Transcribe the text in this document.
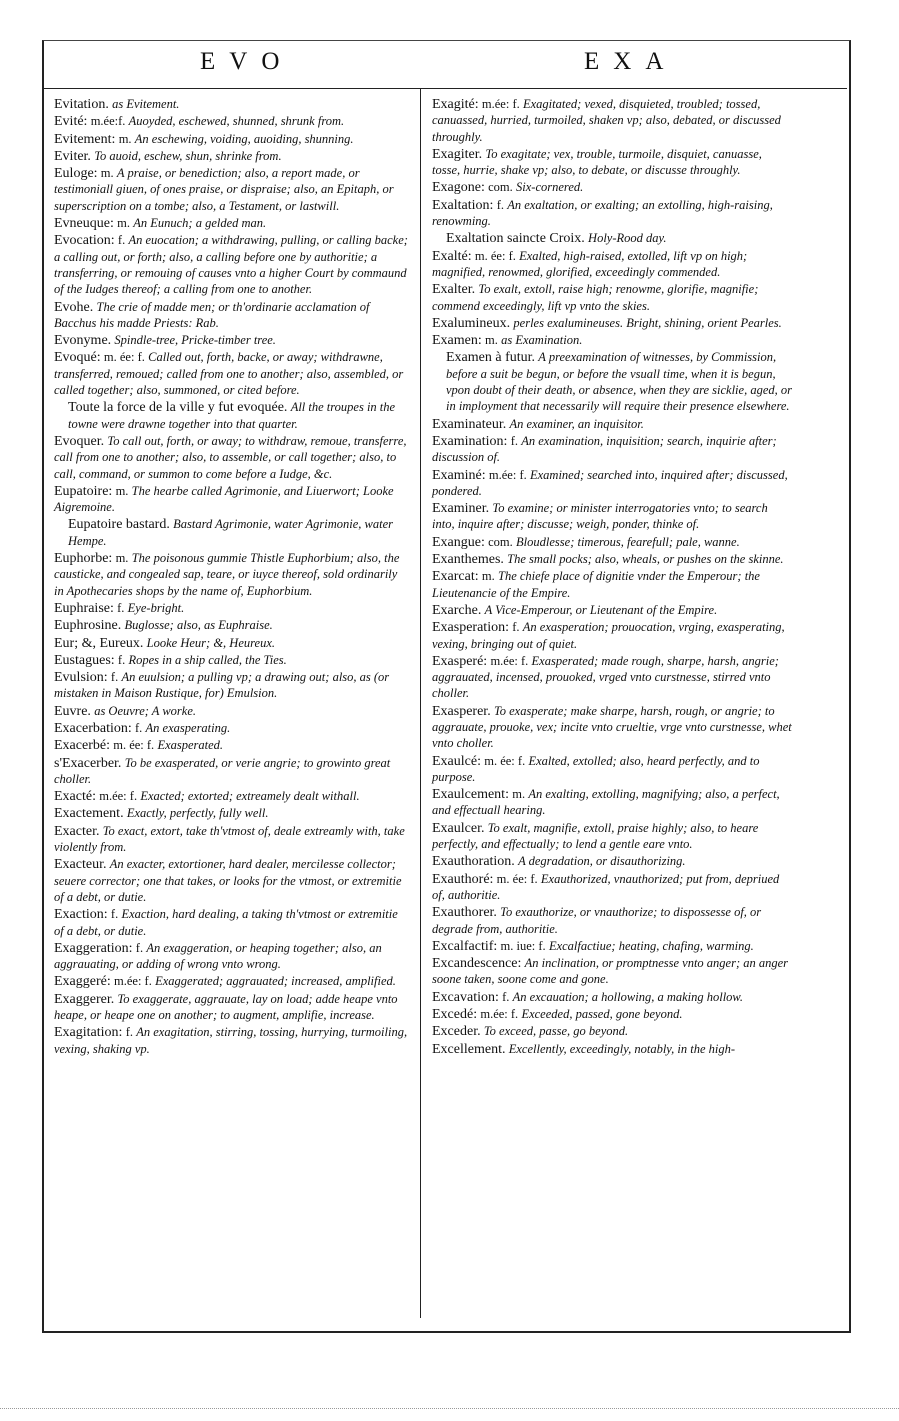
EVO	EXA

Evitation. as Evitement.

Evité: m.ée:f. Auoyded, eschewed, shunned, shrunk from.

Evitement: m. An eschewing, voiding, auoiding, shunning.

Eviter. To auoid, eschew, shun, shrinke from.

Euloge: m. A praise, or benediction; also, a report made, or testimoniall giuen, of ones praise, or dispraise; also, an Epitaph, or superscription on a tombe; also, a Testament, or lastwill.

Evneuque: m. An Eunuch; a gelded man.

Evocation: f. An euocation; a withdrawing, pulling, or calling backe; a calling out, or forth; also, a calling before one by authoritie; a transferring, or remouing of causes vnto a higher Court by commaund of the Iudges thereof; a calling from one to another.

Evohe. The crie of madde men; or th'ordinarie acclamation of Bacchus his madde Priests: Rab.

Evonyme. Spindle-tree, Pricke-timber tree.

Evoqué: m. ée: f. Called out, forth, backe, or away; withdrawne, transferred, remoued; called from one to another; also, assembled, or called together; also, summoned, or cited before.

Toute la force de la ville y fut evoquée. All the troupes in the towne were drawne together into that quarter.

Evoquer. To call out, forth, or away; to withdraw, remoue, transferre, call from one to another; also, to assemble, or call together; also, to call, command, or summon to come before a Iudge, &c.

Eupatoire: m. The hearbe called Agrimonie, and Liuerwort; Looke Aigremoine.

Eupatoire bastard. Bastard Agrimonie, water Agrimonie, water Hempe.

Euphorbe: m. The poisonous gummie Thistle Euphorbium; also, the causticke, and congealed sap, teare, or iuyce thereof, sold ordinarily in Apothecaries shops by the name of, Euphorbium.

Euphraise: f. Eye-bright.

Euphrosine. Buglosse; also, as Euphraise.

Eur; &, Eureux. Looke Heur; &, Heureux.

Eustagues: f. Ropes in a ship called, the Ties.

Evulsion: f. An euulsion; a pulling vp; a drawing out; also, as (or mistaken in Maison Rustique, for) Emulsion.

Euvre. as Oeuvre; A worke.

Exacerbation: f. An exasperating.

Exacerbé: m. ée: f. Exasperated.

s'Exacerber. To be exasperated, or verie angrie; to growinto great choller.

Exacté: m.ée: f. Exacted; extorted; extreamely dealt withall.

Exactement. Exactly, perfectly, fully well.

Exacter. To exact, extort, take th'vtmost of, deale extreamly with, take violently from.

Exacteur. An exacter, extortioner, hard dealer, mercilesse collector; seuere corrector; one that takes, or looks for the vtmost, or extremitie of a debt, or dutie.

Exaction: f. Exaction, hard dealing, a taking th'vtmost or extremitie of a debt, or dutie.

Exaggeration: f. An exaggeration, or heaping together; also, an aggrauating, or adding of wrong vnto wrong.

Exaggeré: m.ée: f. Exaggerated; aggrauated; increased, amplified.

Exaggerer. To exaggerate, aggrauate, lay on load; adde heape vnto heape, or heape one on another; to augment, amplifie, increase.

Exagitation: f. An exagitation, stirring, tossing, hurrying, turmoiling, vexing, shaking vp.

Exagité: m.ée: f. Exagitated; vexed, disquieted, troubled; tossed, canuassed, hurried, turmoiled, shaken vp; also, debated, or discussed throughly.

Exagiter. To exagitate; vex, trouble, turmoile, disquiet, canuasse, tosse, hurrie, shake vp; also, to debate, or discusse throughly.

Exagone: com. Six-cornered.

Exaltation: f. An exaltation, or exalting; an extolling, high-raising, renowming.

Exaltation saincte Croix. Holy-Rood day.

Exalté: m. ée: f. Exalted, high-raised, extolled, lift vp on high; magnified, renowmed, glorified, exceedingly commended.

Exalter. To exalt, extoll, raise high; renowme, glorifie, magnifie; commend exceedingly, lift vp vnto the skies.

Exalumineux. perles exalumineuses. Bright, shining, orient Pearles.

Examen: m. as Examination.

Examen à futur. A preexamination of witnesses, by Commission, before a suit be begun, or before the vsuall time, when it is begun, vpon doubt of their death, or absence, when they are sicklie, aged, or in imployment that necessarily will require their presence elsewhere.

Examinateur. An examiner, an inquisitor.

Examination: f. An examination, inquisition; search, inquirie after; discussion of.

Examiné: m.ée: f. Examined; searched into, inquired after; discussed, pondered.

Examiner. To examine; or minister interrogatories vnto; to search into, inquire after; discusse; weigh, ponder, thinke of.

Exangue: com. Bloudlesse; timerous, fearefull; pale, wanne.

Exanthemes. The small pocks; also, wheals, or pushes on the skinne.

Exarcat: m. The chiefe place of dignitie vnder the Emperour; the Lieutenancie of the Empire.

Exarche. A Vice-Emperour, or Lieutenant of the Empire.

Exasperation: f. An exasperation; prouocation, vrging, exasperating, vexing, bringing out of quiet.

Exasperé: m.ée: f. Exasperated; made rough, sharpe, harsh, angrie; aggrauated, incensed, prouoked, vrged vnto curstnesse, stirred vnto choller.

Exasperer. To exasperate; make sharpe, harsh, rough, or angrie; to aggrauate, prouoke, vex; incite vnto crueltie, vrge vnto curstnesse, whet vnto choller.

Exaulcé: m. ée: f. Exalted, extolled; also, heard perfectly, and to purpose.

Exaulcement: m. An exalting, extolling, magnifying; also, a perfect, and effectuall hearing.

Exaulcer. To exalt, magnifie, extoll, praise highly; also, to heare perfectly, and effectually; to lend a gentle eare vnto.

Exauthoration. A degradation, or disauthorizing.

Exauthoré: m. ée: f. Exauthorized, vnauthorized; put from, depriued of, authoritie.

Exauthorer. To exauthorize, or vnauthorize; to dispossesse of, or degrade from, authoritie.

Excalfactif: m. iue: f. Excalfactiue; heating, chafing, warming.

Excandescence: An inclination, or promptnesse vnto anger; an anger soone taken, soone come and gone.

Excavation: f. An excauation; a hollowing, a making hollow.

Excedé: m.ée: f. Exceeded, passed, gone beyond.

Exceder. To exceed, passe, go beyond.

Excellement. Excellently, exceedingly, notably, in the high-
